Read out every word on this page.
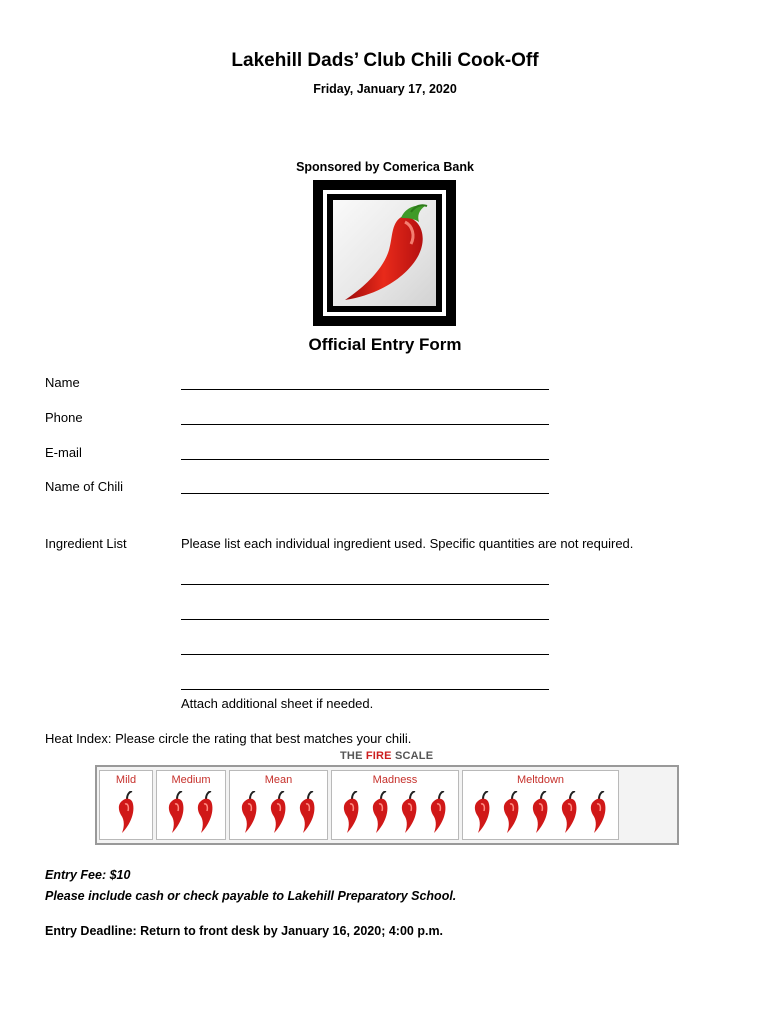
Lakehill Dads’ Club Chili Cook-Off
Friday, January 17, 2020
Sponsored by Comerica Bank
Official Entry Form
Name
Phone
E-mail
Name of Chili
Ingredient List	Please list each individual ingredient used. Specific quantities are not required.
Attach additional sheet if needed.
Heat Index: Please circle the rating that best matches your chili.
THE FIRE SCALE
Mild	Medium	Mean	Madness	Meltdown
Entry Fee: $10
Please include cash or check payable to Lakehill Preparatory School.
Entry Deadline: Return to front desk by January 16, 2020; 4:00 p.m.
